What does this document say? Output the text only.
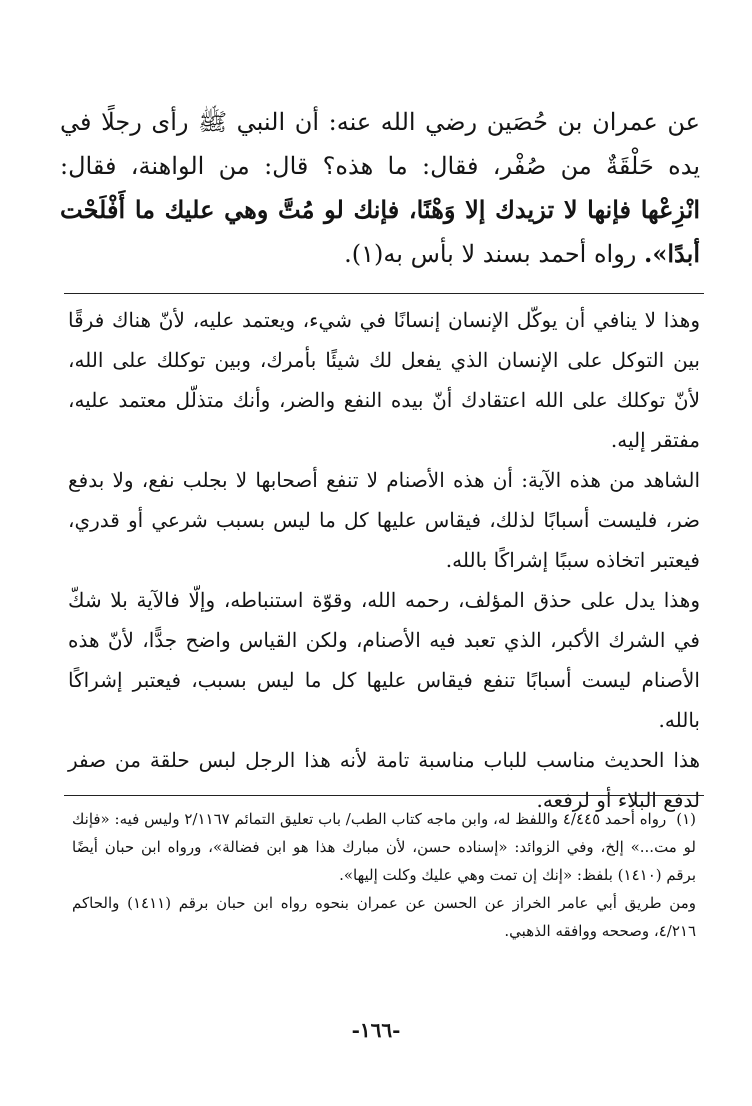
عن عمران بن حُصَين رضي الله عنه: أن النبي ﷺ رأى رجلًا في يده حَلْقَةٌ من صُفْر، فقال: ما هذه؟ قال: من الواهنة، فقال: انْزِعْها فإنها لا تزيدك إلا وَهْنًا، فإنك لو مُتَّ وهي عليك ما أَفْلَحْت أبدًا». رواه أحمد بسند لا بأس به(١).

وهذا لا ينافي أن يوكّل الإنسان إنسانًا في شيء، ويعتمد عليه، لأنّ هناك فرقًا بين التوكل على الإنسان الذي يفعل لك شيئًا بأمرك، وبين توكلك على الله، لأنّ توكلك على الله اعتقادك أنّ بيده النفع والضر، وأنك متذلّل معتمد عليه، مفتقر إليه.

الشاهد من هذه الآية: أن هذه الأصنام لا تنفع أصحابها لا بجلب نفع، ولا بدفع ضر، فليست أسبابًا لذلك، فيقاس عليها كل ما ليس بسبب شرعي أو قدري، فيعتبر اتخاذه سببًا إشراكًا بالله.

وهذا يدل على حذق المؤلف، رحمه الله، وقوّة استنباطه، وإلّا فالآية بلا شكّ في الشرك الأكبر، الذي تعبد فيه الأصنام، ولكن القياس واضح جدًّا، لأنّ هذه الأصنام ليست أسبابًا تنفع فيقاس عليها كل ما ليس بسبب، فيعتبر إشراكًا بالله.

هذا الحديث مناسب للباب مناسبة تامة لأنه هذا الرجل لبس حلقة من صفر لدفع البلاء أو لرفعه.

(١)رواه أحمد ٤/٤٤٥ واللفظ له، وابن ماجه كتاب الطب/ باب تعليق التمائم ٢/١١٦٧ وليس فيه: «فإنك لو مت...» إلخ، وفي الزوائد: «إسناده حسن، لأن مبارك هذا هو ابن فضالة»، ورواه ابن حبان أيضًا برقم (١٤١٠) بلفظ: «إنك إن تمت وهي عليك وكلت إليها».

ومن طريق أبي عامر الخراز عن الحسن عن عمران بنحوه رواه ابن حبان برقم (١٤١١) والحاكم ٤/٢١٦، وصححه ووافقه الذهبي.

-١٦٦-
